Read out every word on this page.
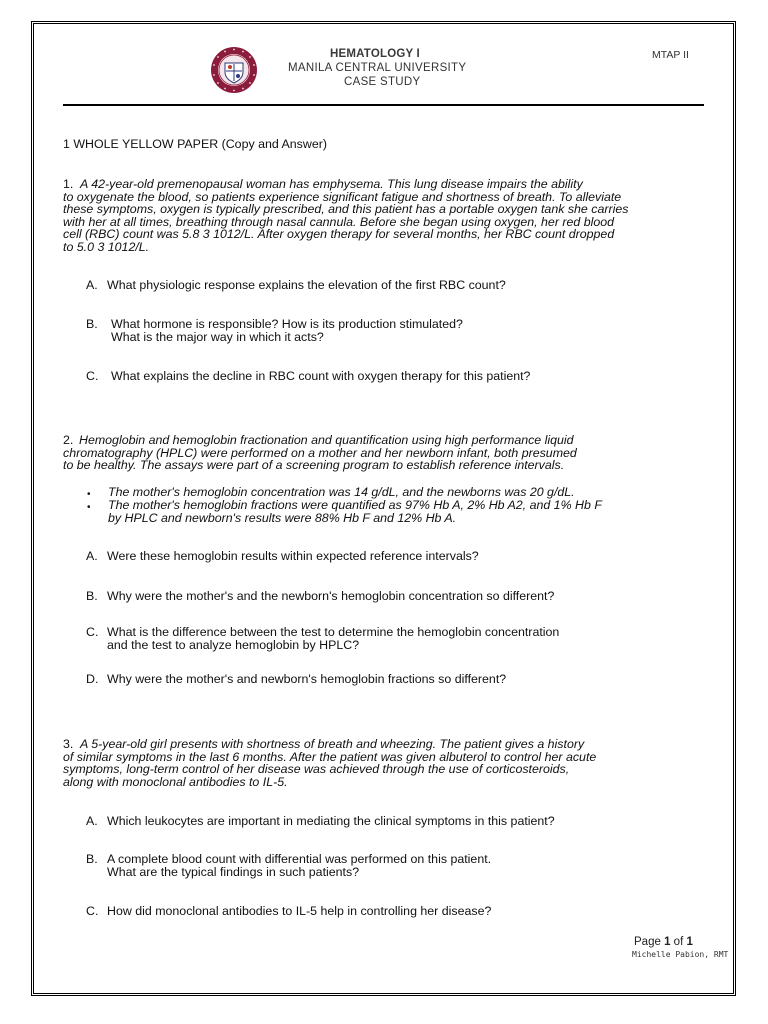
HEMATOLOGY I
MANILA CENTRAL UNIVERSITY
CASE STUDY
MTAP II
1 WHOLE YELLOW PAPER (Copy and Answer)
1. A 42-year-old premenopausal woman has emphysema. This lung disease impairs the ability
to oxygenate the blood, so patients experience significant fatigue and shortness of breath. To alleviate
these symptoms, oxygen is typically prescribed, and this patient has a portable oxygen tank she carries
with her at all times, breathing through nasal cannula. Before she began using oxygen, her red blood
cell (RBC) count was 5.8 3 1012/L. After oxygen therapy for several months, her RBC count dropped
to 5.0 3 1012/L.
A. What physiologic response explains the elevation of the first RBC count?
B. What hormone is responsible? How is its production stimulated?
What is the major way in which it acts?
C. What explains the decline in RBC count with oxygen therapy for this patient?
2. Hemoglobin and hemoglobin fractionation and quantification using high performance liquid
chromatography (HPLC) were performed on a mother and her newborn infant, both presumed
to be healthy. The assays were part of a screening program to establish reference intervals.
• The mother's hemoglobin concentration was 14 g/dL, and the newborns was 20 g/dL.
• The mother's hemoglobin fractions were quantified as 97% Hb A, 2% Hb A2, and 1% Hb F
by HPLC and newborn's results were 88% Hb F and 12% Hb A.
A. Were these hemoglobin results within expected reference intervals?
B. Why were the mother's and the newborn's hemoglobin concentration so different?
C. What is the difference between the test to determine the hemoglobin concentration
and the test to analyze hemoglobin by HPLC?
D. Why were the mother's and newborn's hemoglobin fractions so different?
3. A 5-year-old girl presents with shortness of breath and wheezing. The patient gives a history
of similar symptoms in the last 6 months. After the patient was given albuterol to control her acute
symptoms, long-term control of her disease was achieved through the use of corticosteroids,
along with monoclonal antibodies to IL-5.
A. Which leukocytes are important in mediating the clinical symptoms in this patient?
B. A complete blood count with differential was performed on this patient.
What are the typical findings in such patients?
C. How did monoclonal antibodies to IL-5 help in controlling her disease?
Page 1 of 1
Michelle Pabion, RMT
